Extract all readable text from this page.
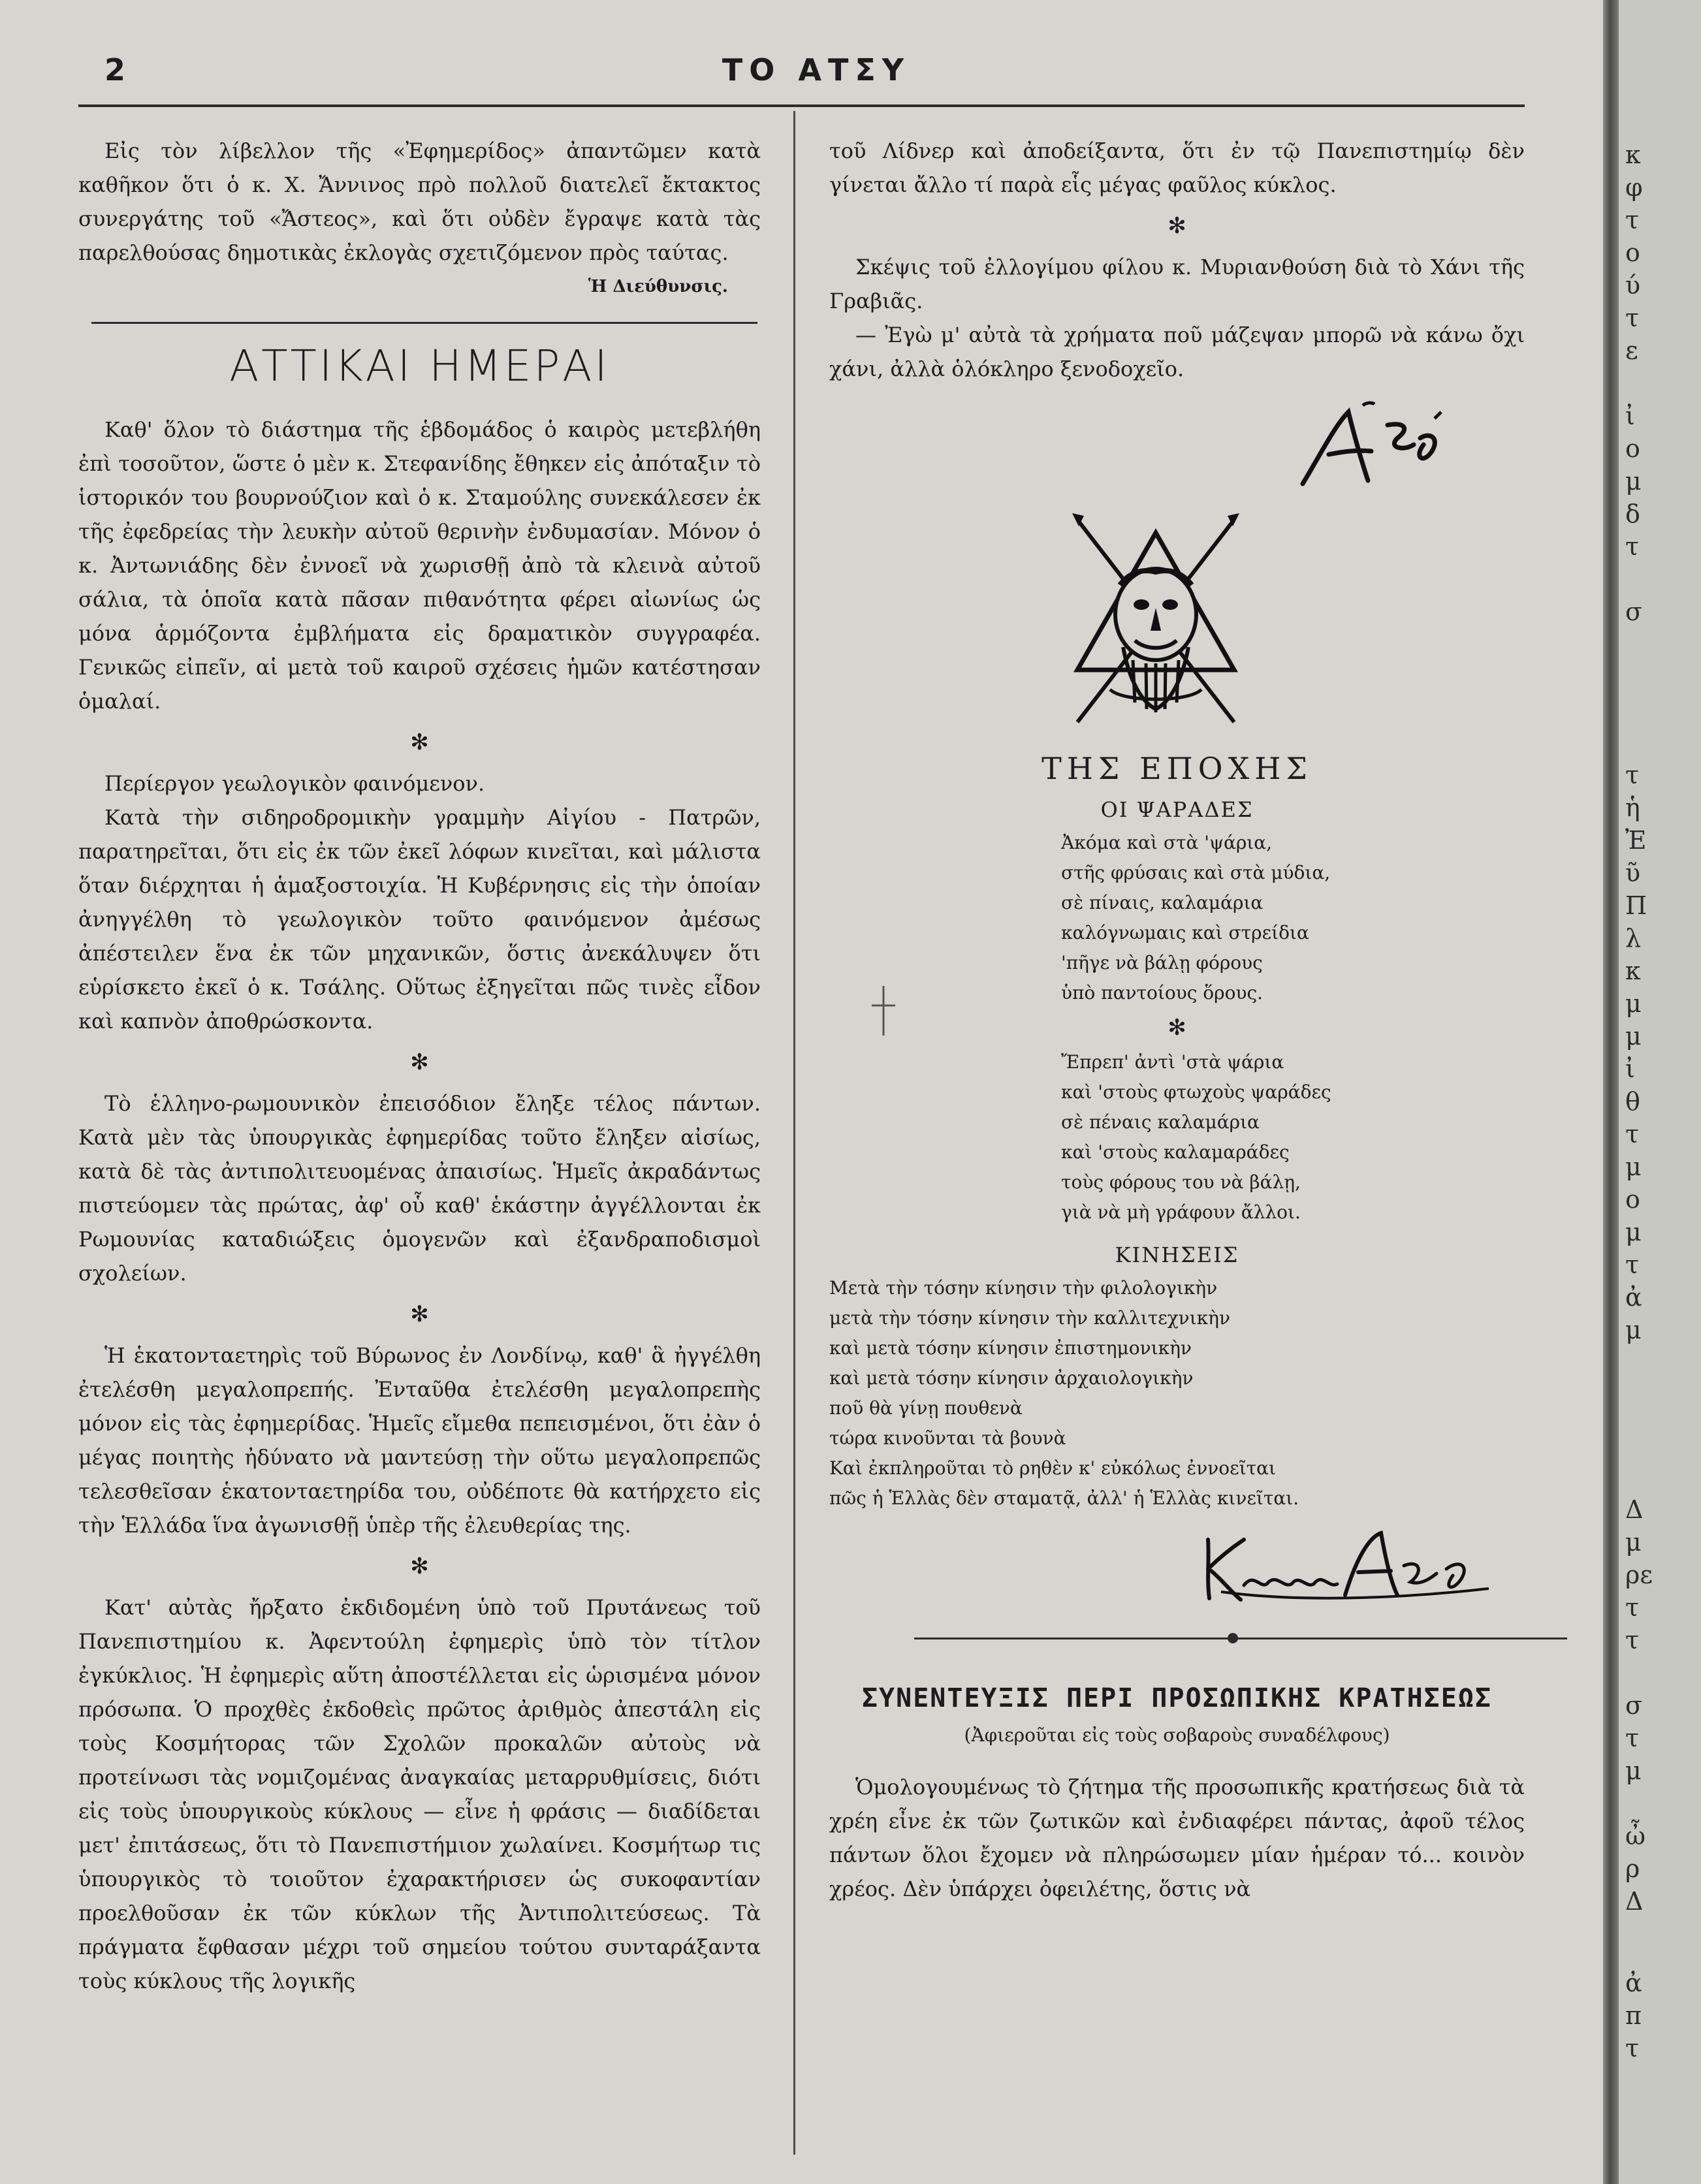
2	ΤΟ ΑΤΣΥ

Εἰς τὸν λίβελλον τῆς «Ἐφημερίδος» ἀπαντῶμεν κατὰ καθῆκον ὅτι ὁ κ. Χ. Ἄννινος πρὸ πολλοῦ διατελεῖ ἔκτακτος συνεργάτης τοῦ «Ἄστεος», καὶ ὅτι οὐδὲν ἔγραψε κατὰ τὰς παρελθούσας δημοτικὰς ἐκλογὰς σχετιζόμενον πρὸς ταύτας.

Ἡ Διεύθυνσις.
ΑΤΤΙΚΑΙ ΗΜΕΡΑΙ

Καθ' ὅλον τὸ διάστημα τῆς ἑβδομάδος ὁ καιρὸς μετεβλήθη ἐπὶ τοσοῦτον, ὥστε ὁ μὲν κ. Στεφανίδης ἔθηκεν εἰς ἀπόταξιν τὸ ἱστορικόν του βουρνούζιον καὶ ὁ κ. Σταμούλης συνεκάλεσεν ἐκ τῆς ἐφεδρείας τὴν λευκὴν αὐτοῦ θερινὴν ἐνδυμασίαν. Μόνον ὁ κ. Ἀντωνιάδης δὲν ἐννοεῖ νὰ χωρισθῇ ἀπὸ τὰ κλεινὰ αὐτοῦ σάλια, τὰ ὁποῖα κατὰ πᾶσαν πιθανότητα φέρει αἰωνίως ὡς μόνα ἁρμόζοντα ἐμβλήματα εἰς δραματικὸν συγγραφέα. Γενικῶς εἰπεῖν, αἱ μετὰ τοῦ καιροῦ σχέσεις ἡμῶν κατέστησαν ὁμαλαί.

✻

Περίεργον γεωλογικὸν φαινόμενον.

Κατὰ τὴν σιδηροδρομικὴν γραμμὴν Αἰγίου - Πατρῶν, παρατηρεῖται, ὅτι εἰς ἐκ τῶν ἐκεῖ λόφων κινεῖται, καὶ μάλιστα ὅταν διέρχηται ἡ ἁμαξοστοιχία. Ἡ Κυβέρνησις εἰς τὴν ὁποίαν ἀνηγγέλθη τὸ γεωλογικὸν τοῦτο φαινόμενον ἀμέσως ἀπέστειλεν ἕνα ἐκ τῶν μηχανικῶν, ὅστις ἀνεκάλυψεν ὅτι εὑρίσκετο ἐκεῖ ὁ κ. Τσάλης. Οὕτως ἐξηγεῖται πῶς τινὲς εἶδον καὶ καπνὸν ἀποθρώσκοντα.

✻

Τὸ ἑλληνο-ρωμουνικὸν ἐπεισόδιον ἔληξε τέλος πάντων. Κατὰ μὲν τὰς ὑπουργικὰς ἐφημερίδας τοῦτο ἔληξεν αἰσίως, κατὰ δὲ τὰς ἀντιπολιτευομένας ἀπαισίως. Ἡμεῖς ἀκραδάντως πιστεύομεν τὰς πρώτας, ἀφ' οὗ καθ' ἑκάστην ἀγγέλλονται ἐκ Ρωμουνίας καταδιώξεις ὁμογενῶν καὶ ἐξανδραποδισμοὶ σχολείων.

✻

Ἡ ἑκατονταετηρὶς τοῦ Βύρωνος ἐν Λονδίνῳ, καθ' ἃ ἠγγέλθη ἐτελέσθη μεγαλοπρεπής. Ἐνταῦθα ἐτελέσθη μεγαλοπρεπὴς μόνον εἰς τὰς ἐφημερίδας. Ἡμεῖς εἴμεθα πεπεισμένοι, ὅτι ἐὰν ὁ μέγας ποιητὴς ἠδύνατο νὰ μαντεύσῃ τὴν οὕτω μεγαλοπρεπῶς τελεσθεῖσαν ἑκατονταετηρίδα του, οὐδέποτε θὰ κατήρχετο εἰς τὴν Ἑλλάδα ἵνα ἀγωνισθῇ ὑπὲρ τῆς ἐλευθερίας της.

✻

Κατ' αὐτὰς ἤρξατο ἐκδιδομένη ὑπὸ τοῦ Πρυτάνεως τοῦ Πανεπιστημίου κ. Ἀφεντούλη ἐφημερὶς ὑπὸ τὸν τίτλον ἐγκύκλιος. Ἡ ἐφημερὶς αὕτη ἀποστέλλεται εἰς ὡρισμένα μόνον πρόσωπα. Ὁ προχθὲς ἐκδοθεὶς πρῶτος ἀριθμὸς ἀπεστάλη εἰς τοὺς Κοσμήτορας τῶν Σχολῶν προκαλῶν αὐτοὺς νὰ προτείνωσι τὰς νομιζομένας ἀναγκαίας μεταρρυθμίσεις, διότι εἰς τοὺς ὑπουργικοὺς κύκλους — εἶνε ἡ φράσις — διαδίδεται μετ' ἐπιτάσεως, ὅτι τὸ Πανεπιστήμιον χωλαίνει. Κοσμήτωρ τις ὑπουργικὸς τὸ τοιοῦτον ἐχαρακτήρισεν ὡς συκοφαντίαν προελθοῦσαν ἐκ τῶν κύκλων τῆς Ἀντιπολιτεύσεως. Τὰ πράγματα ἔφθασαν μέχρι τοῦ σημείου τούτου συνταράξαντα τοὺς κύκλους τῆς λογικῆς

τοῦ Λίδνερ καὶ ἀποδείξαντα, ὅτι ἐν τῷ Πανεπιστημίῳ δὲν γίνεται ἄλλο τί παρὰ εἷς μέγας φαῦλος κύκλος.

✻

Σκέψις τοῦ ἐλλογίμου φίλου κ. Μυριανθούση διὰ τὸ Χάνι τῆς Γραβιᾶς.

— Ἐγὼ μ' αὐτὰ τὰ χρήματα ποῦ μάζεψαν μπορῶ νὰ κάνω ὄχι χάνι, ἀλλὰ ὁλόκληρο ξενοδοχεῖο.

ΤΗΣ ΕΠΟΧΗΣ
ΟΙ ΨΑΡΑΔΕΣ
Ἀκόμα καὶ στὰ 'ψάρια,
στῆς φρύσαις καὶ στὰ μύδια,
σὲ πίναις, καλαμάρια
καλόγνωμαις καὶ στρείδια
'πῆγε νὰ βάλῃ φόρους
ὑπὸ παντοίους ὅρους.
✻
Ἔπρεπ' ἀντὶ 'στὰ ψάρια
καὶ 'στοὺς φτωχοὺς ψαράδες
σὲ πέναις καλαμάρια
καὶ 'στοὺς καλαμαράδες
τοὺς φόρους του νὰ βάλῃ,
γιὰ νὰ μὴ γράφουν ἄλλοι.
ΚΙΝΗΣΕΙΣ

Μετὰ τὴν τόσην κίνησιν τὴν φιλολογικὴν

μετὰ τὴν τόσην κίνησιν τὴν καλλιτεχνικὴν

καὶ μετὰ τόσην κίνησιν ἐπιστημονικὴν

καὶ μετὰ τόσην κίνησιν ἀρχαιολογικὴν

ποῦ θὰ γίνῃ πουθενὰ

τώρα κινοῦνται τὰ βουνὰ

Καὶ ἐκπληροῦται τὸ ρηθὲν κ' εὐκόλως ἐννοεῖται

πῶς ἡ Ἑλλὰς δὲν σταματᾷ, ἀλλ' ἡ Ἑλλὰς κινεῖται.

ΣΥΝΕΝΤΕΥΞΙΣ ΠΕΡΙ ΠΡΟΣΩΠΙΚΗΣ ΚΡΑΤΗΣΕΩΣ
(Ἀφιεροῦται εἰς τοὺς σοβαροὺς συναδέλφους)

Ὁμολογουμένως τὸ ζήτημα τῆς προσωπικῆς κρατήσεως διὰ τὰ χρέη εἶνε ἐκ τῶν ζωτικῶν καὶ ἐνδιαφέρει πάντας, ἀφοῦ τέλος πάντων ὅλοι ἔχομεν νὰ πληρώσωμεν μίαν ἡμέραν τό... κοινὸν χρέος. Δὲν ὑπάρχει ὀφειλέτης, ὅστις νὰ

κ
φ
τ
ο
ύ
τ
ε
ἰ
ο
μ
δ
τ
σ
τ
ἡ
Ἐ
ῦ
Π
λ
κ
μ
μ
ἰ
θ
τ
μ
ο
μ
τ
ἀ
μ
Δ
μ
ρε
τ
τ
σ
τ
μ
ὦ
ρ
Δ
ἀ
π
τ
